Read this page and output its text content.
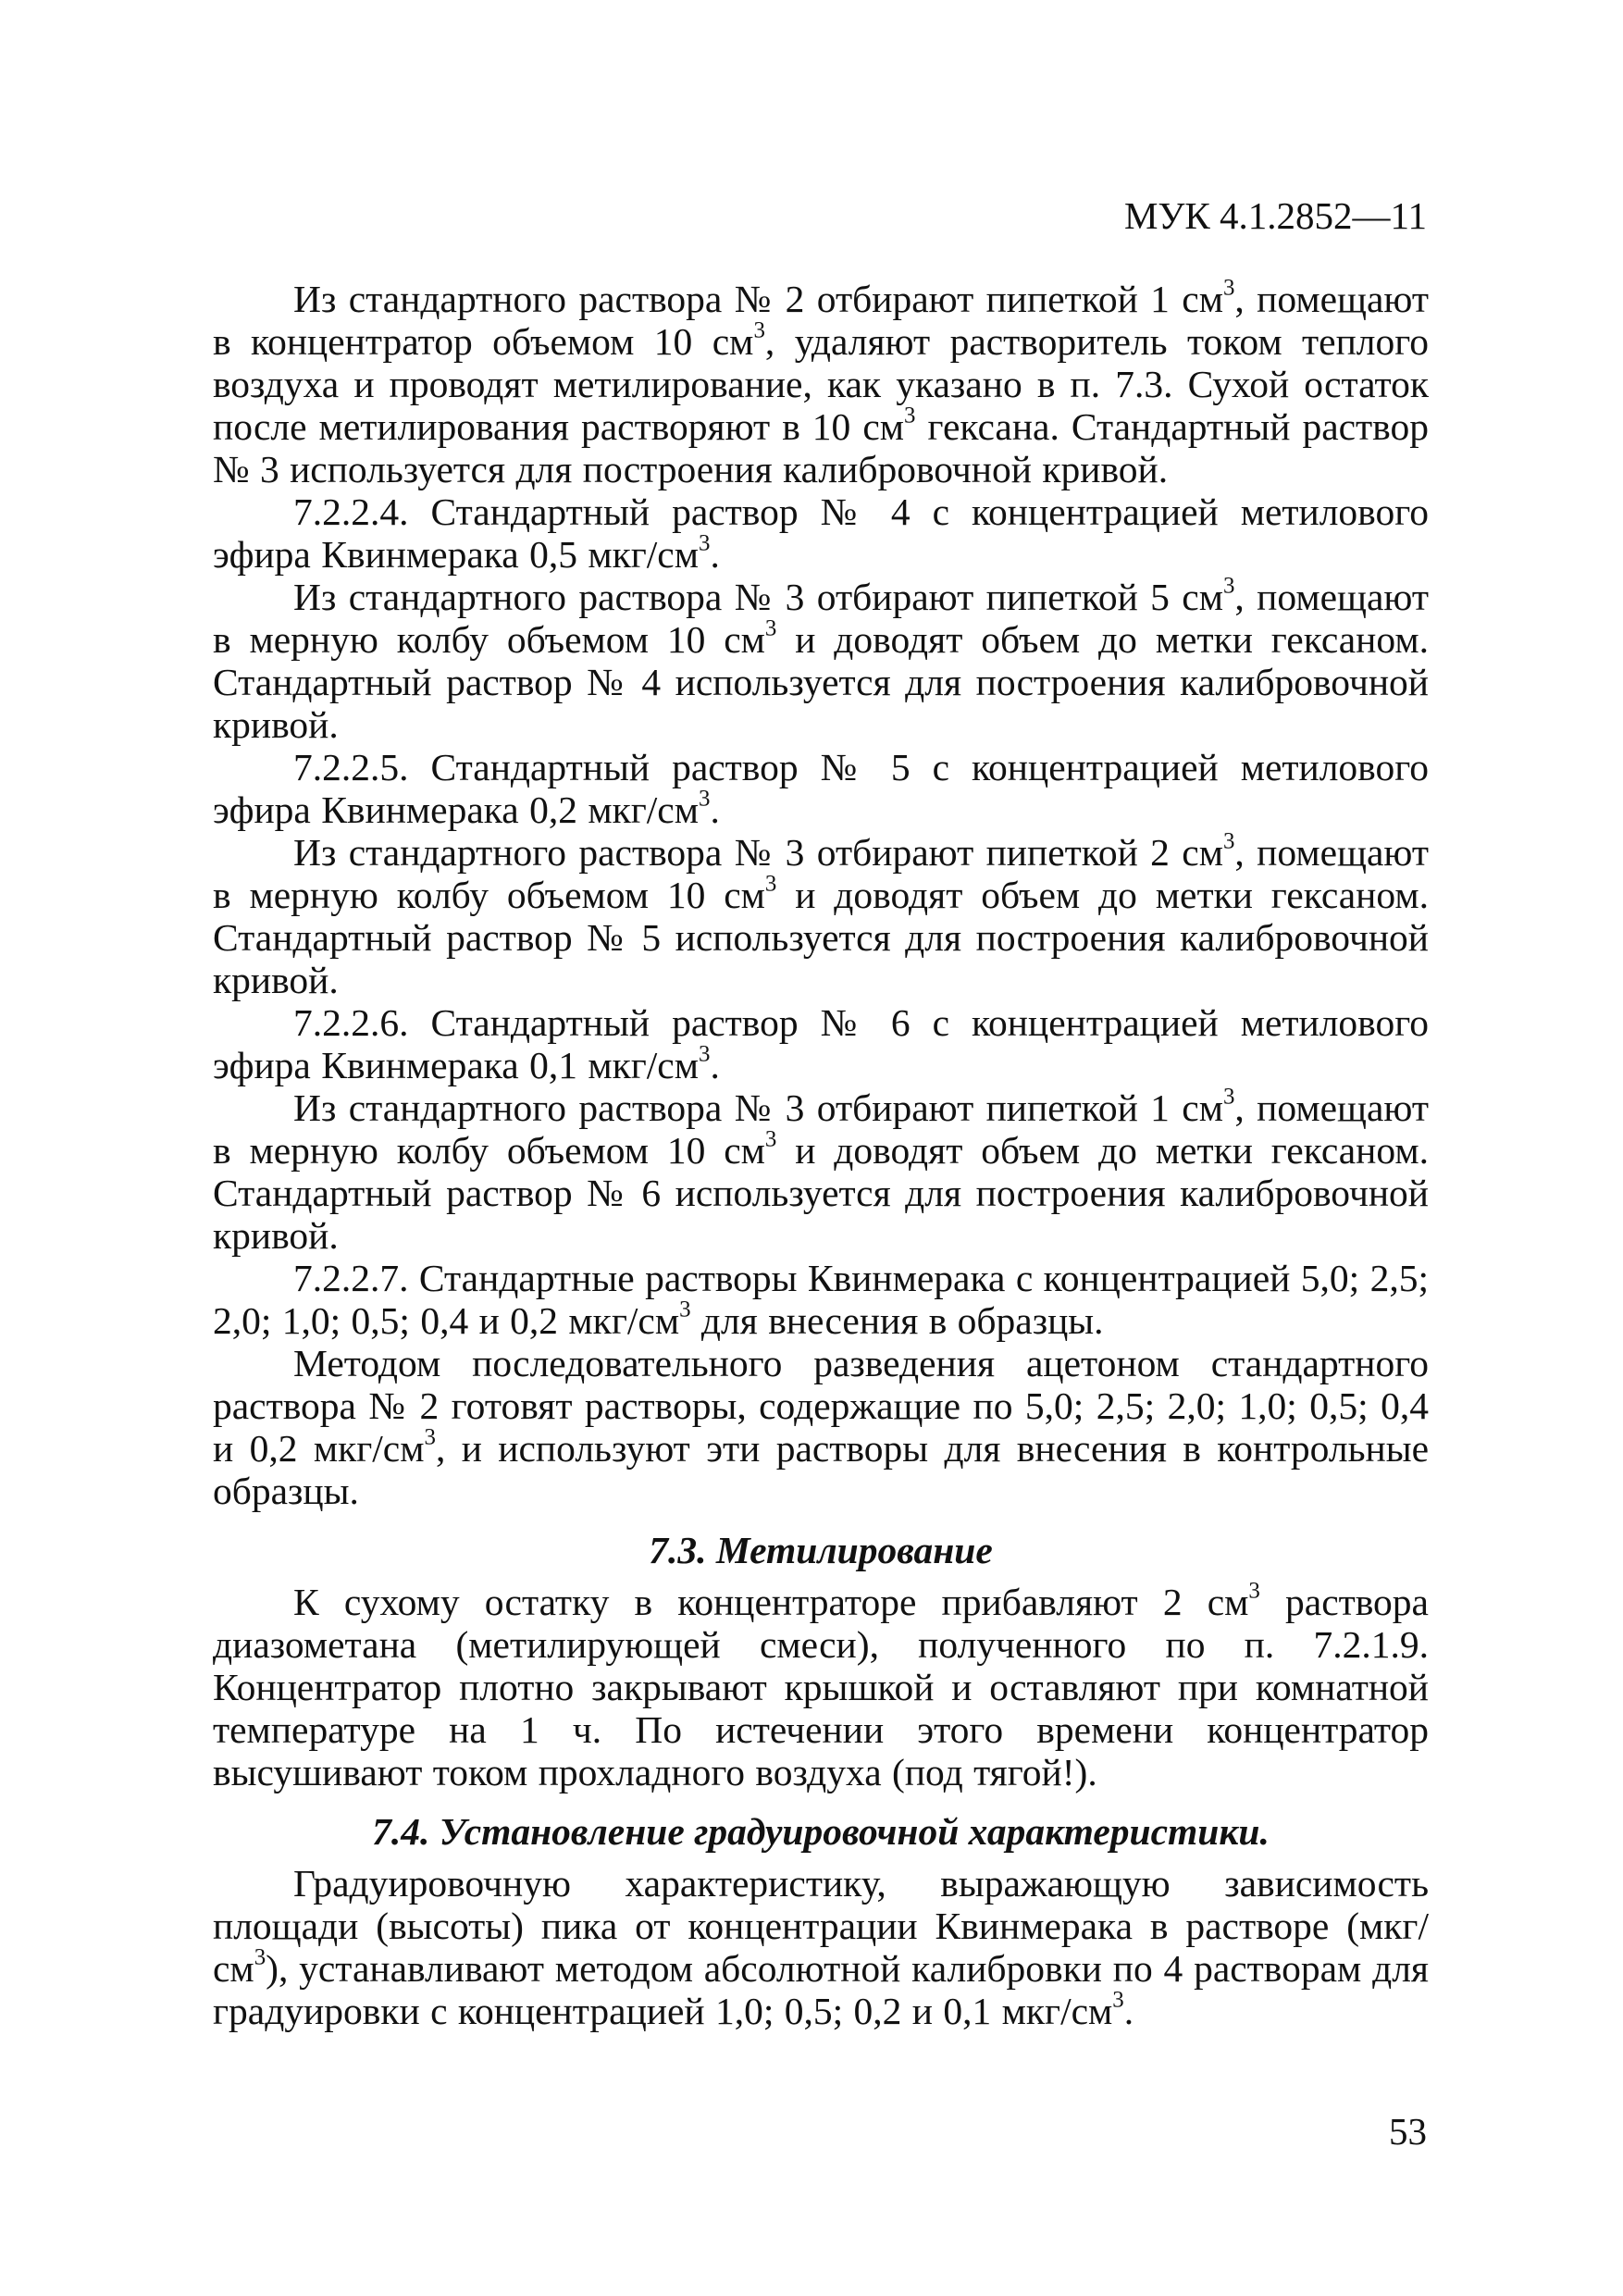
МУК 4.1.2852—11

Из стандартного раствора № 2 отбирают пипеткой 1 $см^3$, помещают в концентратор объемом 10 $см^3$, удаляют растворитель током теплого воздуха и проводят метилирование, как указано в п. 7.3. Сухой остаток после метилирования растворяют в 10 $см^3$ гексана. Стандартный раствор № 3 используется для построения калибровочной кривой.

7.2.2.4. Стандартный раствор № 4 с концентрацией метилового эфира Квинмерака 0,5 мкг/$см^3$.

Из стандартного раствора № 3 отбирают пипеткой 5 $см^3$, помещают в мерную колбу объемом 10 $см^3$ и доводят объем до метки гексаном. Стандартный раствор № 4 используется для построения калибровочной кривой.

7.2.2.5. Стандартный раствор № 5 с концентрацией метилового эфира Квинмерака 0,2 мкг/$см^3$.

Из стандартного раствора № 3 отбирают пипеткой 2 $см^3$, помещают в мерную колбу объемом 10 $см^3$ и доводят объем до метки гексаном. Стандартный раствор № 5 используется для построения калибровочной кривой.

7.2.2.6. Стандартный раствор № 6 с концентрацией метилового эфира Квинмерака 0,1 мкг/$см^3$.

Из стандартного раствора № 3 отбирают пипеткой 1 $см^3$, помещают в мерную колбу объемом 10 $см^3$ и доводят объем до метки гексаном. Стандартный раствор № 6 используется для построения калибровочной кривой.

7.2.2.7. Стандартные растворы Квинмерака с концентрацией 5,0; 2,5; 2,0; 1,0; 0,5; 0,4 и 0,2 мкг/$см^3$ для внесения в образцы.

Методом последовательного разведения ацетоном стандартного раствора № 2 готовят растворы, содержащие по 5,0; 2,5; 2,0; 1,0; 0,5; 0,4 и 0,2 мкг/$см^3$, и используют эти растворы для внесения в контрольные образцы.

7.3. Метилирование

К сухому остатку в концентраторе прибавляют 2 $см^3$ раствора диазометана (метилирующей смеси), полученного по п. 7.2.1.9. Концентратор плотно закрывают крышкой и оставляют при комнатной температуре на 1 ч. По истечении этого времени концентратор высушивают током прохладного воздуха (под тягой!).

7.4. Установление градуировочной характеристики.

Градуировочную характеристику, выражающую зависимость площади (высоты) пика от концентрации Квинмерака в растворе $(мкг/см^3)$, устанавливают методом абсолютной калибровки по 4 растворам для градуировки с концентрацией 1,0; 0,5; 0,2 и 0,1 мкг/$см^3$.

53
